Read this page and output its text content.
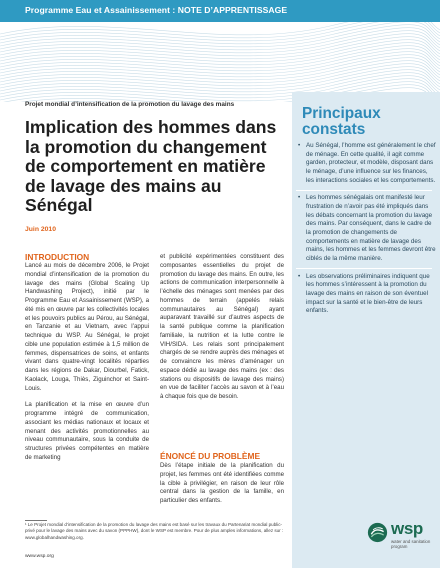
Programme Eau et Assainissement : NOTE D’APPRENTISSAGE
Projet mondial d’intensification de la promotion du lavage des mains
Implication des hommes dans la promotion du changement de comportement en matière de lavage des mains au Sénégal
Juin 2010
INTRODUCTION

Lancé au mois de décembre 2006, le Projet mondial d’intensification de la promotion du lavage des mains (Global Scaling Up Handwashing Project), initié par le Programme Eau et Assainissement (WSP), a été mis en œuvre par les collectivités locales et les pouvoirs publics au Pérou, au Sénégal, en Tanzanie et au Vietnam, avec l’appui technique du WSP. Au Sénégal, le projet cible une population estimée à 1,5 million de femmes, dispensatrices de soins, et enfants vivant dans quatre-vingt localités réparties dans les régions de Dakar, Diourbel, Fatick, Kaolack, Louga, Thiès, Ziguinchor et Saint-Louis.

La planification et la mise en œuvre d’un programme intégré de communication, associant les médias nationaux et locaux et menant des activités promotionnelles au niveau communautaire, sous la conduite de structures privées compétentes en matière de marketing

et publicité expérimentées constituent des composantes essentielles du projet de promotion du lavage des mains. En outre, les actions de communication interpersonnelle à l’échelle des ménages sont menées par des hommes de terrain (appelés relais communautaires au Sénégal) ayant auparavant travaillé sur d’autres aspects de la santé publique comme la planification familiale, la nutrition et la lutte contre le VIH/SIDA. Les relais sont principalement chargés de se rendre auprès des ménages et de convaincre les mères d’aménager un espace dédié au lavage des mains (ex : des stations ou dispositifs de lavage des mains) en vue de faciliter l’accès au savon et à l’eau à chaque fois que de besoin.

ÉNONCÉ DU PROBLÈME

Dès l’étape initiale de la planification du projet, les femmes ont été identifiées comme la cible à privilégier, en raison de leur rôle central dans la gestion de la famille, en particulier des enfants.

Principaux constats
• Au Sénégal, l’homme est généralement le chef de ménage. En cette qualité, il agit comme garden, protecteur, et modèle, disposant dans le ménage, d’une influence sur les finances, les interactions sociales et les comportements.
• Les hommes sénégalais ont manifesté leur frustration de n’avoir pas été impliqués dans les débats concernant la promotion du lavage des mains. Par conséquent, dans le cadre de la promotion de changements de comportements en matière de lavage des mains, les hommes et les femmes devront être ciblés de la même manière.
• Les observations préliminaires indiquent que les hommes s’intéressent à la promotion du lavage des mains en raison de son éventuel impact sur la santé et le bien-être de leurs enfants.
¹ Le Projet mondial d’intensification de la promotion du lavage des mains est basé sur les travaux du Partenariat mondial public-privé pour le lavage des mains avec du savon (PPPHW), dont le WSP est membre. Pour de plus amples informations, allez sur : www.globalhandwashing.org.
www.wsp.org
wsp
water and sanitation program
